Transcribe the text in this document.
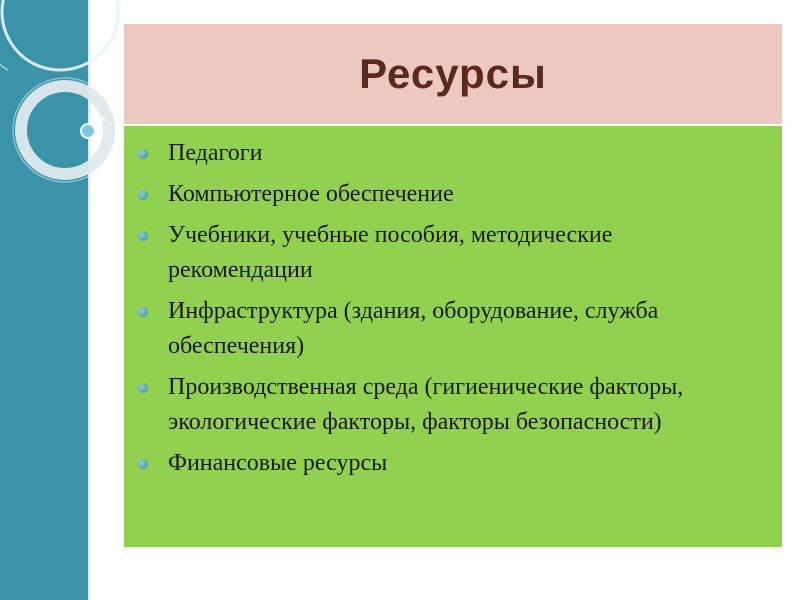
Ресурсы
Педагоги
Компьютерное обеспечение
Учебники, учебные пособия, методические рекомендации
Инфраструктура (здания, оборудование, служба обеспечения)
Производственная среда (гигиенические факторы, экологические факторы, факторы безопасности)
Финансовые ресурсы
